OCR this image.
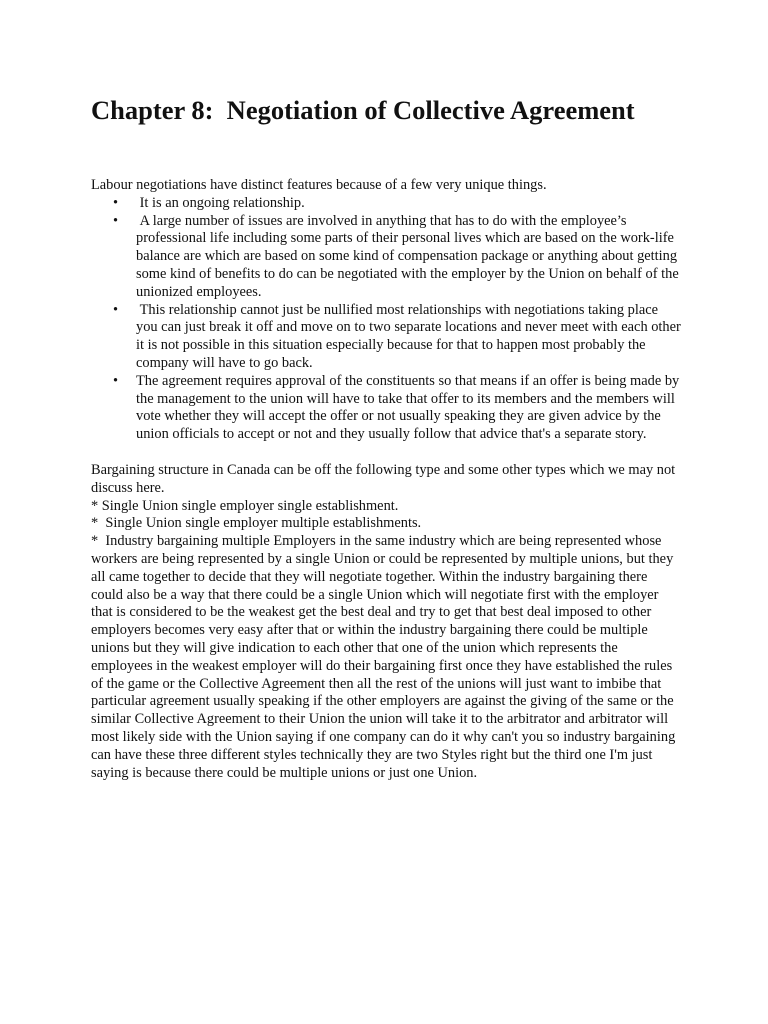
Chapter 8:  Negotiation of Collective Agreement

Labour negotiations have distinct features because of a few very unique things.

• It is an ongoing relationship.
• A large number of issues are involved in anything that has to do with the employee’s professional life including some parts of their personal lives which are based on the work-life balance are which are based on some kind of compensation package or anything about getting some kind of benefits to do can be negotiated with the employer by the Union on behalf of the unionized employees.
• This relationship cannot just be nullified most relationships with negotiations taking place you can just break it off and move on to two separate locations and never meet with each other it is not possible in this situation especially because for that to happen most probably the company will have to go back.
• The agreement requires approval of the constituents so that means if an offer is being made by the management to the union will have to take that offer to its members and the members will vote whether they will accept the offer or not usually speaking they are given advice by the union officials to accept or not and they usually follow that advice that's a separate story.

Bargaining structure in Canada can be off the following type and some other types which we may not discuss here.

* Single Union single employer single establishment.

*  Single Union single employer multiple establishments.

*  Industry bargaining multiple Employers in the same industry which are being represented whose workers are being represented by a single Union or could be represented by multiple unions, but they all came together to decide that they will negotiate together. Within the industry bargaining there could also be a way that there could be a single Union which will negotiate first with the employer that is considered to be the weakest get the best deal and try to get that best deal imposed to other employers becomes very easy after that or within the industry bargaining there could be multiple unions but they will give indication to each other that one of the union which represents the employees in the weakest employer will do their bargaining first once they have established the rules of the game or the Collective Agreement then all the rest of the unions will just want to imbibe that particular agreement usually speaking if the other employers are against the giving of the same or the similar Collective Agreement to their Union the union will take it to the arbitrator and arbitrator will most likely side with the Union saying if one company can do it why can't you so industry bargaining can have these three different styles technically they are two Styles right but the third one I'm just saying is because there could be multiple unions or just one Union.
